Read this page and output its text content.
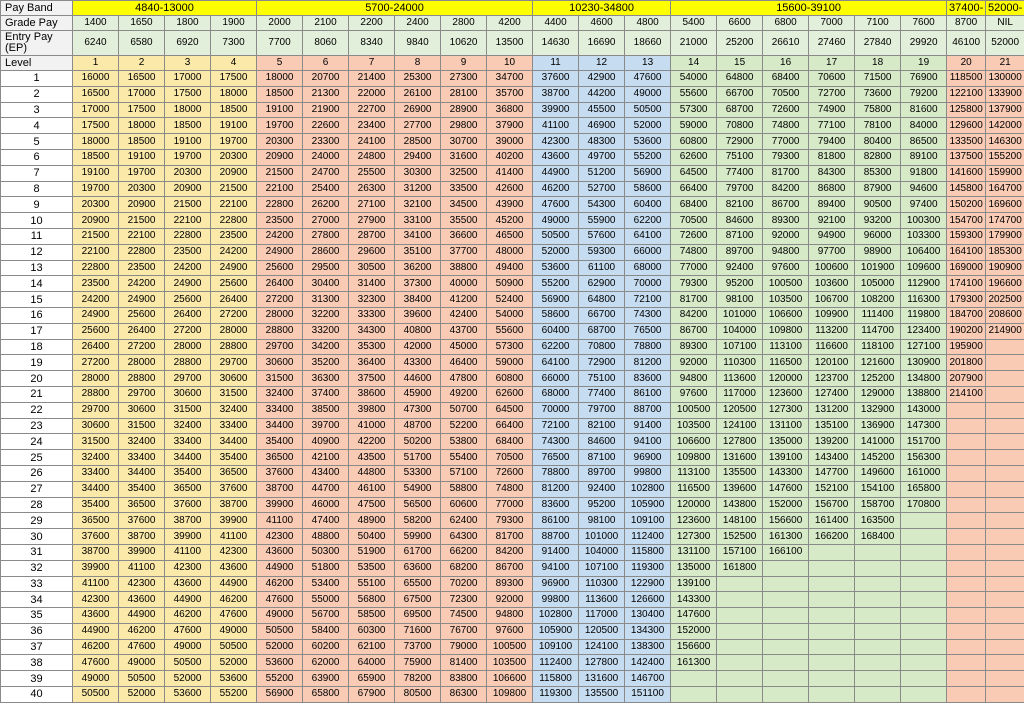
Pay Band	4840-13000				5700-24000						10230-34800			15600-39100						37400-	52000-
Grade Pay	1400	1650	1800	1900	2000	2100	2200	2400	2800	4200	4400	4600	4800	5400	6600	6800	7000	7100	7600	8700	NIL
Entry Pay (EP)	6240	6580	6920	7300	7700	8060	8340	9840	10620	13500	14630	16690	18660	21000	25200	26610	27460	27840	29920	46100	52000
Level	1	2	3	4	5	6	7	8	9	10	11	12	13	14	15	16	17	18	19	20	21
1	16000	16500	17000	17500	18000	20700	21400	25300	27300	34700	37600	42900	47600	54000	64800	68400	70600	71500	76900	118500	130000
2	16500	17000	17500	18000	18500	21300	22000	26100	28100	35700	38700	44200	49000	55600	66700	70500	72700	73600	79200	122100	133900
3	17000	17500	18000	18500	19100	21900	22700	26900	28900	36800	39900	45500	50500	57300	68700	72600	74900	75800	81600	125800	137900
4	17500	18000	18500	19100	19700	22600	23400	27700	29800	37900	41100	46900	52000	59000	70800	74800	77100	78100	84000	129600	142000
5	18000	18500	19100	19700	20300	23300	24100	28500	30700	39000	42300	48300	53600	60800	72900	77000	79400	80400	86500	133500	146300
6	18500	19100	19700	20300	20900	24000	24800	29400	31600	40200	43600	49700	55200	62600	75100	79300	81800	82800	89100	137500	155200
7	19100	19700	20300	20900	21500	24700	25500	30300	32500	41400	44900	51200	56900	64500	77400	81700	84300	85300	91800	141600	159900
8	19700	20300	20900	21500	22100	25400	26300	31200	33500	42600	46200	52700	58600	66400	79700	84200	86800	87900	94600	145800	164700
9	20300	20900	21500	22100	22800	26200	27100	32100	34500	43900	47600	54300	60400	68400	82100	86700	89400	90500	97400	150200	169600
10	20900	21500	22100	22800	23500	27000	27900	33100	35500	45200	49000	55900	62200	70500	84600	89300	92100	93200	100300	154700	174700
11	21500	22100	22800	23500	24200	27800	28700	34100	36600	46500	50500	57600	64100	72600	87100	92000	94900	96000	103300	159300	179900
12	22100	22800	23500	24200	24900	28600	29600	35100	37700	48000	52000	59300	66000	74800	89700	94800	97700	98900	106400	164100	185300
13	22800	23500	24200	24900	25600	29500	30500	36200	38800	49400	53600	61100	68000	77000	92400	97600	100600	101900	109600	169000	190900
14	23500	24200	24900	25600	26400	30400	31400	37300	40000	50900	55200	62900	70000	79300	95200	100500	103600	105000	112900	174100	196600
15	24200	24900	25600	26400	27200	31300	32300	38400	41200	52400	56900	64800	72100	81700	98100	103500	106700	108200	116300	179300	202500
16	24900	25600	26400	27200	28000	32200	33300	39600	42400	54000	58600	66700	74300	84200	101000	106600	109900	111400	119800	184700	208600
17	25600	26400	27200	28000	28800	33200	34300	40800	43700	55600	60400	68700	76500	86700	104000	109800	113200	114700	123400	190200	214900
18	26400	27200	28000	28800	29700	34200	35300	42000	45000	57300	62200	70800	78800	89300	107100	113100	116600	118100	127100	195900	
19	27200	28000	28800	29700	30600	35200	36400	43300	46400	59000	64100	72900	81200	92000	110300	116500	120100	121600	130900	201800	
20	28000	28800	29700	30600	31500	36300	37500	44600	47800	60800	66000	75100	83600	94800	113600	120000	123700	125200	134800	207900	
21	28800	29700	30600	31500	32400	37400	38600	45900	49200	62600	68000	77400	86100	97600	117000	123600	127400	129000	138800	214100	
22	29700	30600	31500	32400	33400	38500	39800	47300	50700	64500	70000	79700	88700	100500	120500	127300	131200	132900	143000		
23	30600	31500	32400	33400	34400	39700	41000	48700	52200	66400	72100	82100	91400	103500	124100	131100	135100	136900	147300		
24	31500	32400	33400	34400	35400	40900	42200	50200	53800	68400	74300	84600	94100	106600	127800	135000	139200	141000	151700		
25	32400	33400	34400	35400	36500	42100	43500	51700	55400	70500	76500	87100	96900	109800	131600	139100	143400	145200	156300		
26	33400	34400	35400	36500	37600	43400	44800	53300	57100	72600	78800	89700	99800	113100	135500	143300	147700	149600	161000		
27	34400	35400	36500	37600	38700	44700	46100	54900	58800	74800	81200	92400	102800	116500	139600	147600	152100	154100	165800		
28	35400	36500	37600	38700	39900	46000	47500	56500	60600	77000	83600	95200	105900	120000	143800	152000	156700	158700	170800		
29	36500	37600	38700	39900	41100	47400	48900	58200	62400	79300	86100	98100	109100	123600	148100	156600	161400	163500			
30	37600	38700	39900	41100	42300	48800	50400	59900	64300	81700	88700	101000	112400	127300	152500	161300	166200	168400			
31	38700	39900	41100	42300	43600	50300	51900	61700	66200	84200	91400	104000	115800	131100	157100	166100					
32	39900	41100	42300	43600	44900	51800	53500	63600	68200	86700	94100	107100	119300	135000	161800						
33	41100	42300	43600	44900	46200	53400	55100	65500	70200	89300	96900	110300	122900	139100							
34	42300	43600	44900	46200	47600	55000	56800	67500	72300	92000	99800	113600	126600	143300							
35	43600	44900	46200	47600	49000	56700	58500	69500	74500	94800	102800	117000	130400	147600							
36	44900	46200	47600	49000	50500	58400	60300	71600	76700	97600	105900	120500	134300	152000							
37	46200	47600	49000	50500	52000	60200	62100	73700	79000	100500	109100	124100	138300	156600							
38	47600	49000	50500	52000	53600	62000	64000	75900	81400	103500	112400	127800	142400	161300							
39	49000	50500	52000	53600	55200	63900	65900	78200	83800	106600	115800	131600	146700								
40	50500	52000	53600	55200	56900	65800	67900	80500	86300	109800	119300	135500	151100								
